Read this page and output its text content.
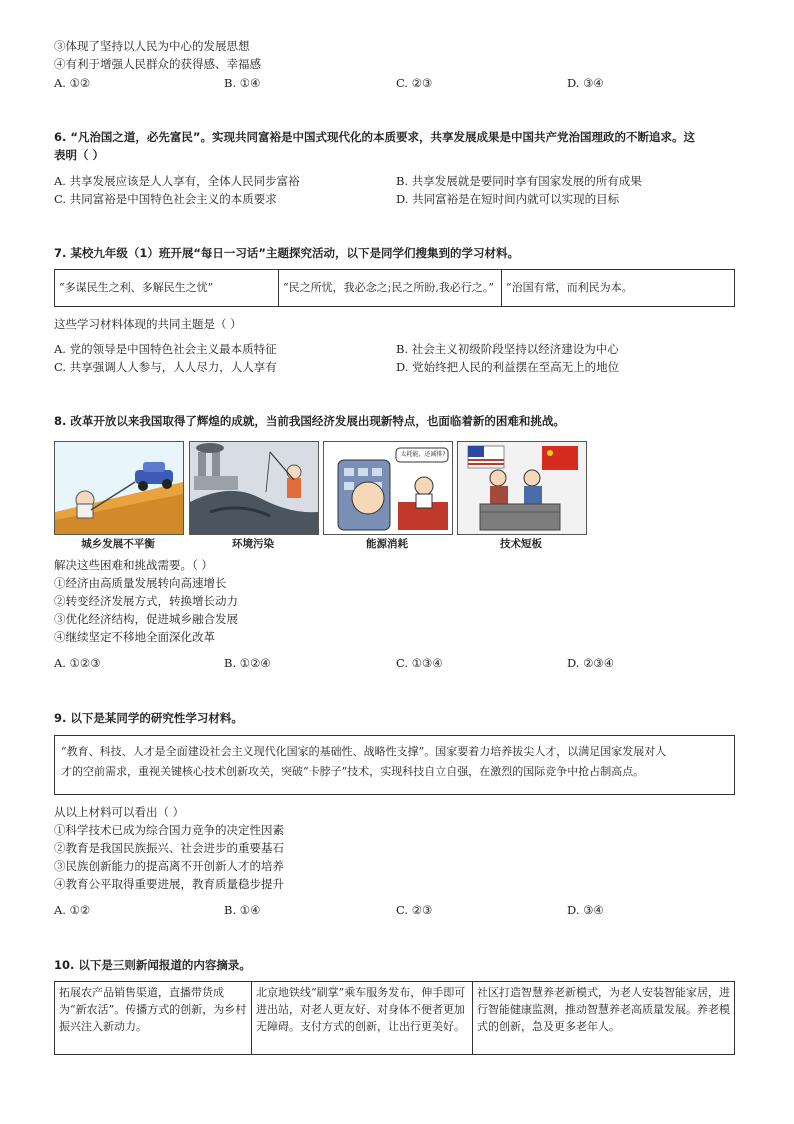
③体现了坚持以人民为中心的发展思想
④有利于增强人民群众的获得感、幸福感
A. ①②	B. ①④	C. ②③	D. ③④
6. “凡治国之道，必先富民”。实现共同富裕是中国式现代化的本质要求，共享发展成果是中国共产党治国理政的不断追求。这
表明（ ）
A. 共享发展应该是人人享有，全体人民同步富裕	B. 共享发展就是要同时享有国家发展的所有成果
C. 共同富裕是中国特色社会主义的本质要求	D. 共同富裕是在短时间内就可以实现的目标
7. 某校九年级（1）班开展“每日一习话”主题探究活动，以下是同学们搜集到的学习材料。
“多谋民生之利、多解民生之忧”	“民之所忧，我必念之;民之所盼,我必行之。”	“治国有常，而利民为本。
这些学习材料体现的共同主题是（ ）
A. 党的领导是中国特色社会主义最本质特征	B. 社会主义初级阶段坚持以经济建设为中心
C. 共享强调人人参与，人人尽力，人人享有	D. 党始终把人民的利益摆在至高无上的地位
8. 改革开放以来我国取得了辉煌的成就，当前我国经济发展出现新特点，也面临着新的困难和挑战。
太耗能，还减排?
城乡发展不平衡	环境污染	能源消耗	技术短板
解决这些困难和挑战需要。（ ）
①经济由高质量发展转向高速增长
②转变经济发展方式，转换增长动力
③优化经济结构，促进城乡融合发展
④继续坚定不移地全面深化改革
A. ①②③	B. ①②④	C. ①③④	D. ②③④
9. 以下是某同学的研究性学习材料。
“教育、科技、人才是全面建设社会主义现代化国家的基础性、战略性支撑”。国家要着力培养拔尖人才，以满足国家发展对人
才的空前需求，重视关键核心技术创新攻关，突破“卡脖子”技术，实现科技自立自强，在激烈的国际竞争中抢占制高点。
从以上材料可以看出（ ）
①科学技术已成为综合国力竞争的决定性因素
②教育是我国民族振兴、社会进步的重要基石
③民族创新能力的提高离不开创新人才的培养
④教育公平取得重要进展，教育质量稳步提升
A. ①②	B. ①④	C. ②③	D. ③④
10. 以下是三则新闻报道的内容摘录。
拓展农产品销售渠道，直播带货成为“新农活”。传播方式的创新，为乡村振兴注入新动力。	北京地铁线“刷掌”乘车服务发布，伸手即可进出站，对老人更友好、对身体不便者更加无障碍。支付方式的创新，让出行更美好。	社区打造智慧养老新模式，为老人安装智能家居，进行智能健康监测，推动智慧养老高质量发展。养老模式的创新，急及更多老年人。
